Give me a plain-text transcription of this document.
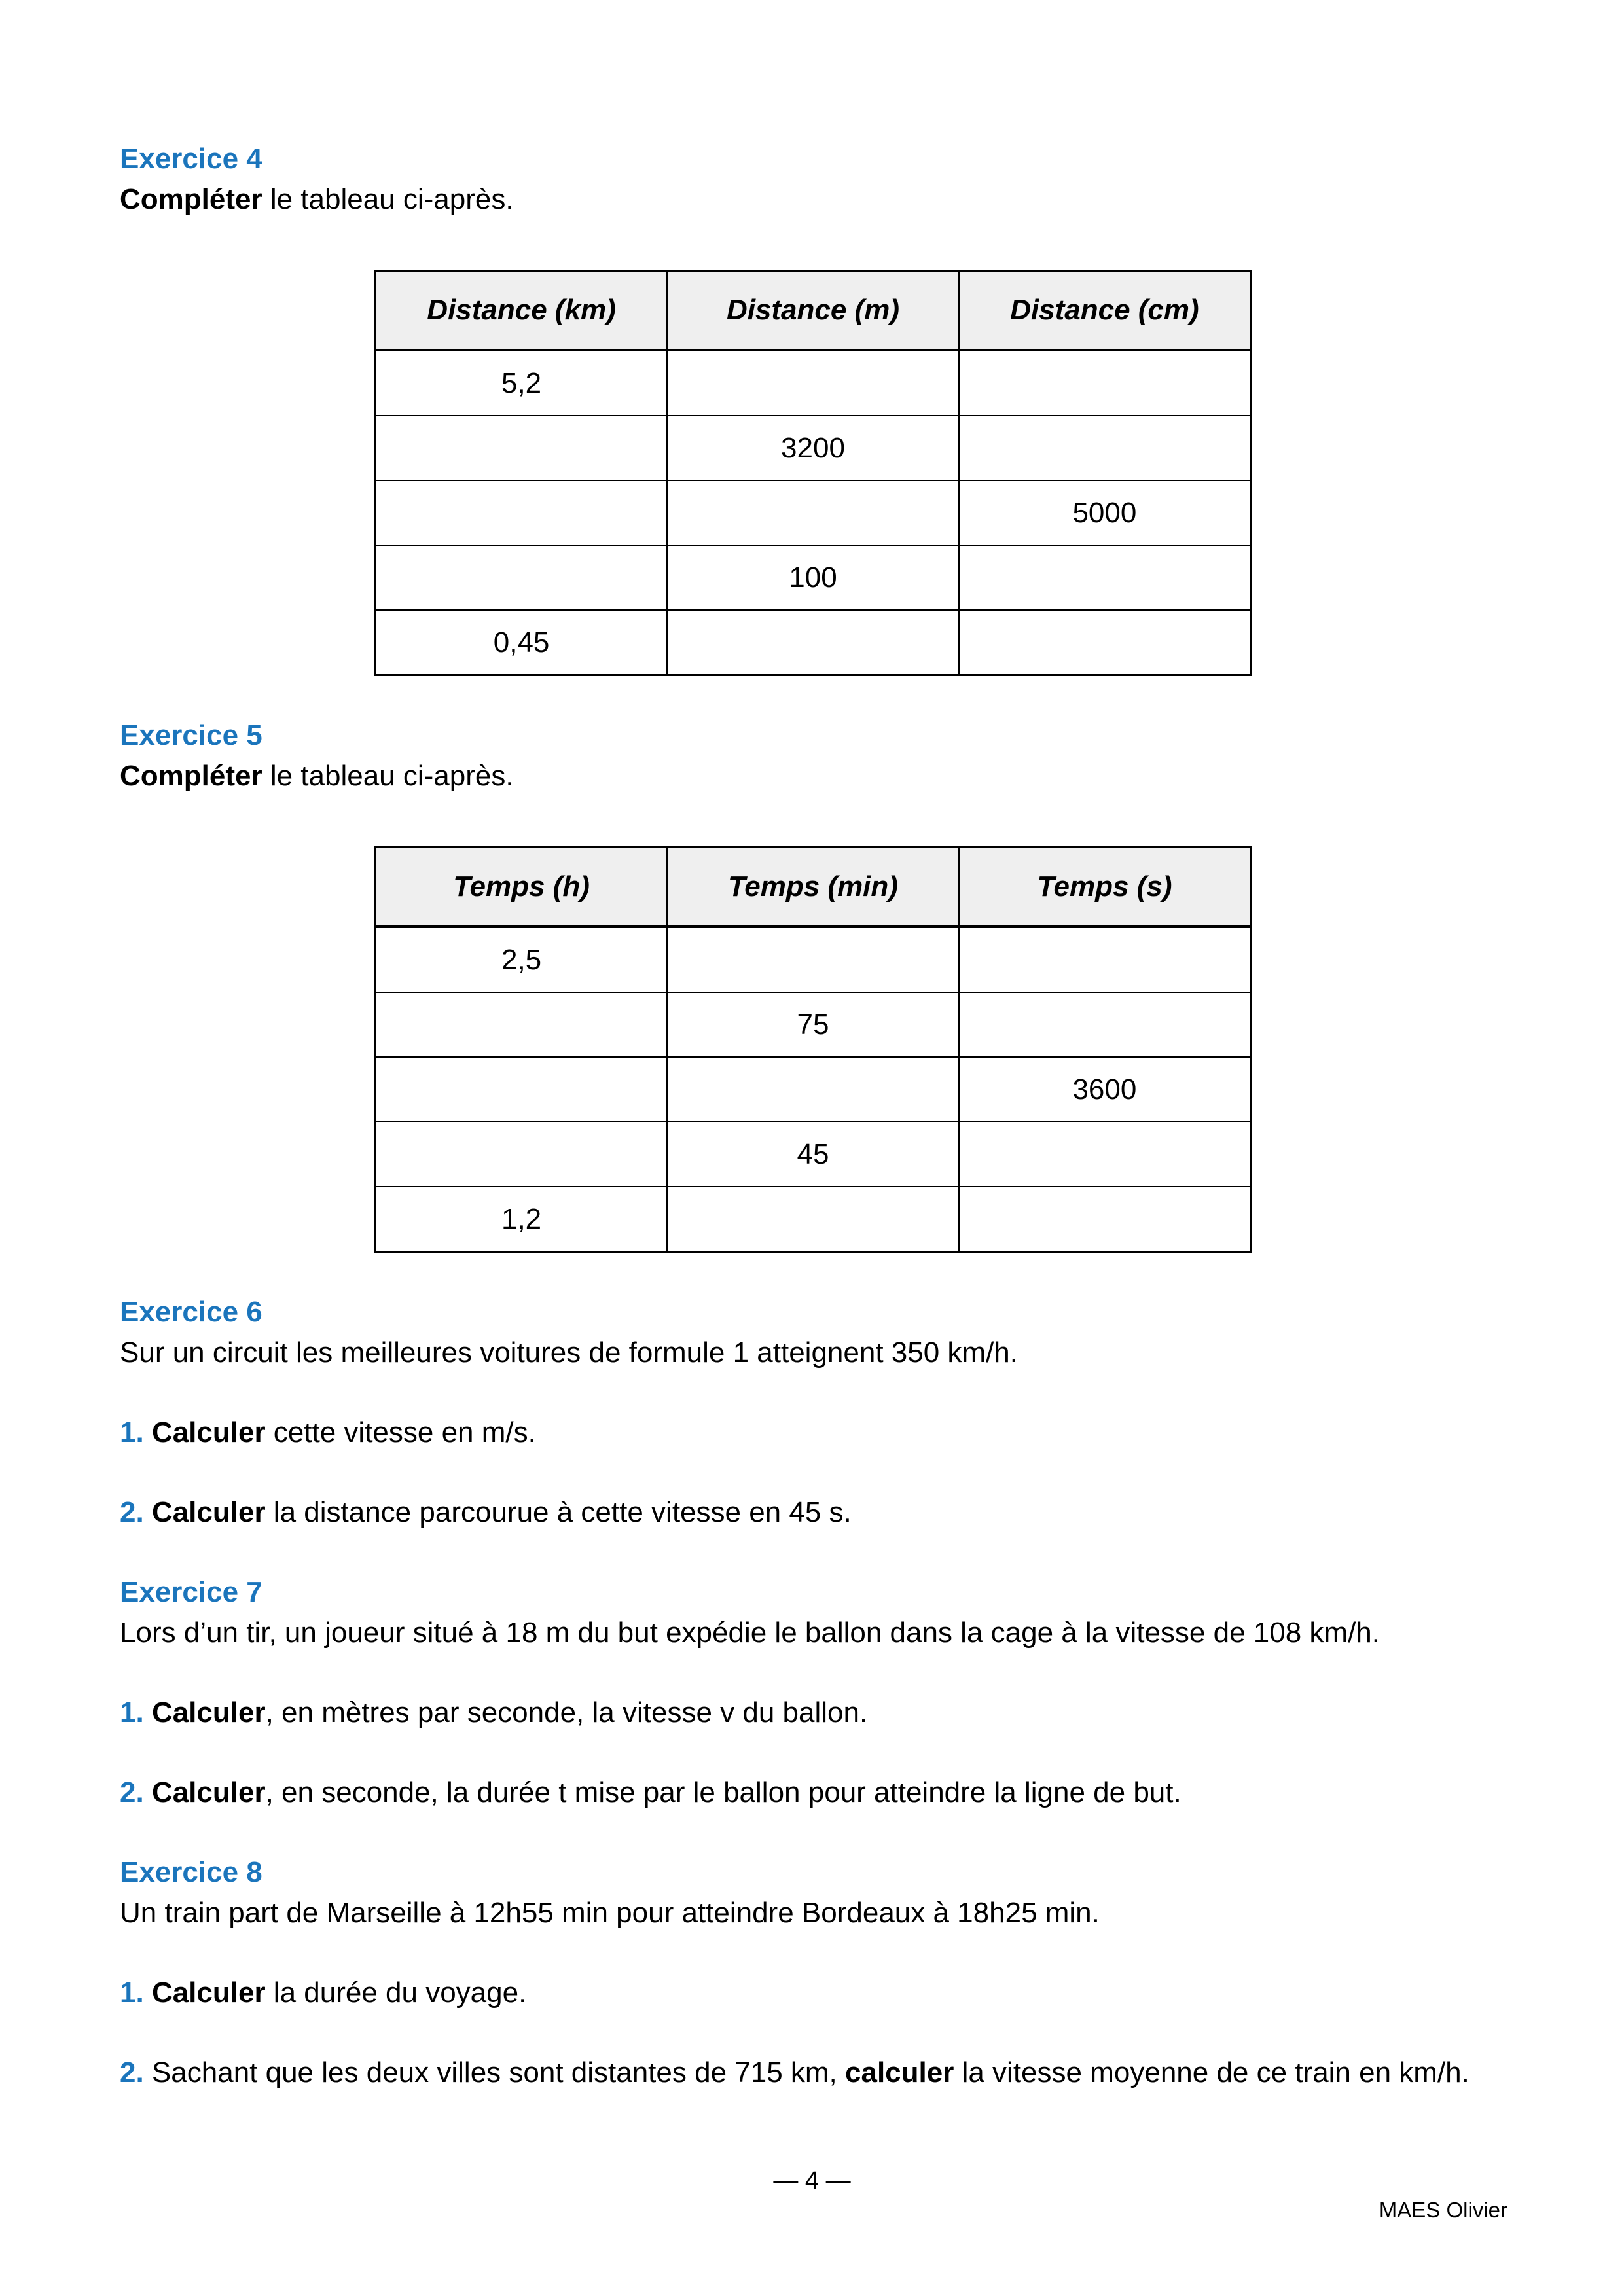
Exercice 4
Compléter le tableau ci-après.
Distance (km)	Distance (m)	Distance (cm)
5,2		
	3200	
		5000
	100	
0,45		
Exercice 5
Compléter le tableau ci-après.
Temps (h)	Temps (min)	Temps (s)
2,5		
	75	
		3600
	45	
1,2		
Exercice 6
Sur un circuit les meilleures voitures de formule 1 atteignent 350 km/h.
1. Calculer cette vitesse en m/s.
2. Calculer la distance parcourue à cette vitesse en 45 s.
Exercice 7
Lors d’un tir, un joueur situé à 18 m du but expédie le ballon dans la cage à la vitesse de 108 km/h.
1. Calculer, en mètres par seconde, la vitesse v du ballon.
2. Calculer, en seconde, la durée t mise par le ballon pour atteindre la ligne de but.
Exercice 8
Un train part de Marseille à 12h55 min pour atteindre Bordeaux à 18h25 min.
1. Calculer la durée du voyage.
2. Sachant que les deux villes sont distantes de 715 km, calculer la vitesse moyenne de ce train en km/h.
— 4 —
MAES Olivier
